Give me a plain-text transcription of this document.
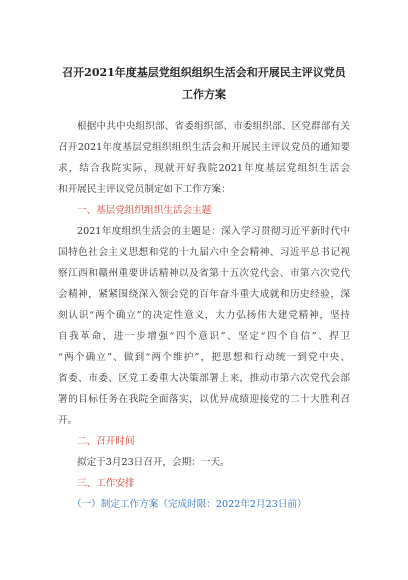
召开2021年度基层党组织组织生活会和开展民主评议党员
工作方案
根据中共中央组织部、省委组织部、市委组织部、区党群部有关
召开2021年度基层党组织组织生活会和开展民主评议党员的通知要
求，结合我院实际，现就开好我院2021年度基层党组织生活会
和开展民主评议党员制定如下工作方案：
一、基层党组织组织生活会主题
2021年度组织生活会的主题是：深入学习贯彻习近平新时代中
国特色社会主义思想和党的十九届六中全会精神、习近平总书记视
察江西和赣州重要讲话精神以及省第十五次党代会、市第六次党代
会精神，紧紧围绕深入领会党的百年奋斗重大成就和历史经验，深
刻认识“两个确立”的决定性意义，大力弘扬伟大建党精神，坚持
自我革命，进一步增强“四个意识”、坚定“四个自信”、捍卫
“两个确立”、做到“两个维护”，把思想和行动统一到党中央、
省委、市委、区党工委重大决策部署上来，推动市第六次党代会部
署的目标任务在我院全面落实，以优异成绩迎接党的二十大胜利召
开。
二、召开时间
拟定于3月23日召开，会期：一天。
三、工作安排
（一）制定工作方案（完成时限：2022年2月23日前）
